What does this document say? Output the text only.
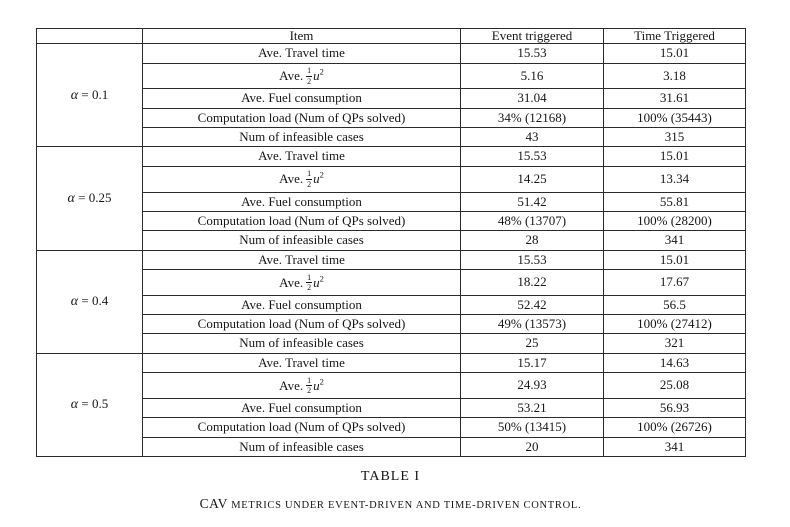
	Item	Event triggered	Time Triggered
α = 0.1	Ave. Travel time	15.53	15.01
	Ave. $\frac{1}{2} u^2$	5.16	3.18
	Ave. Fuel consumption	31.04	31.61
	Computation load (Num of QPs solved)	34% (12168)	100% (35443)
	Num of infeasible cases	43	315
α = 0.25	Ave. Travel time	15.53	15.01
	Ave. $\frac{1}{2} u^2$	14.25	13.34
	Ave. Fuel consumption	51.42	55.81
	Computation load (Num of QPs solved)	48% (13707)	100% (28200)
	Num of infeasible cases	28	341
α = 0.4	Ave. Travel time	15.53	15.01
	Ave. $\frac{1}{2} u^2$	18.22	17.67
	Ave. Fuel consumption	52.42	56.5
	Computation load (Num of QPs solved)	49% (13573)	100% (27412)
	Num of infeasible cases	25	321
α = 0.5	Ave. Travel time	15.17	14.63
	Ave. $\frac{1}{2} u^2$	24.93	25.08
	Ave. Fuel consumption	53.21	56.93
	Computation load (Num of QPs solved)	50% (13415)	100% (26726)
	Num of infeasible cases	20	341
TABLE I
CAV METRICS UNDER EVENT-DRIVEN AND TIME-DRIVEN CONTROL.
